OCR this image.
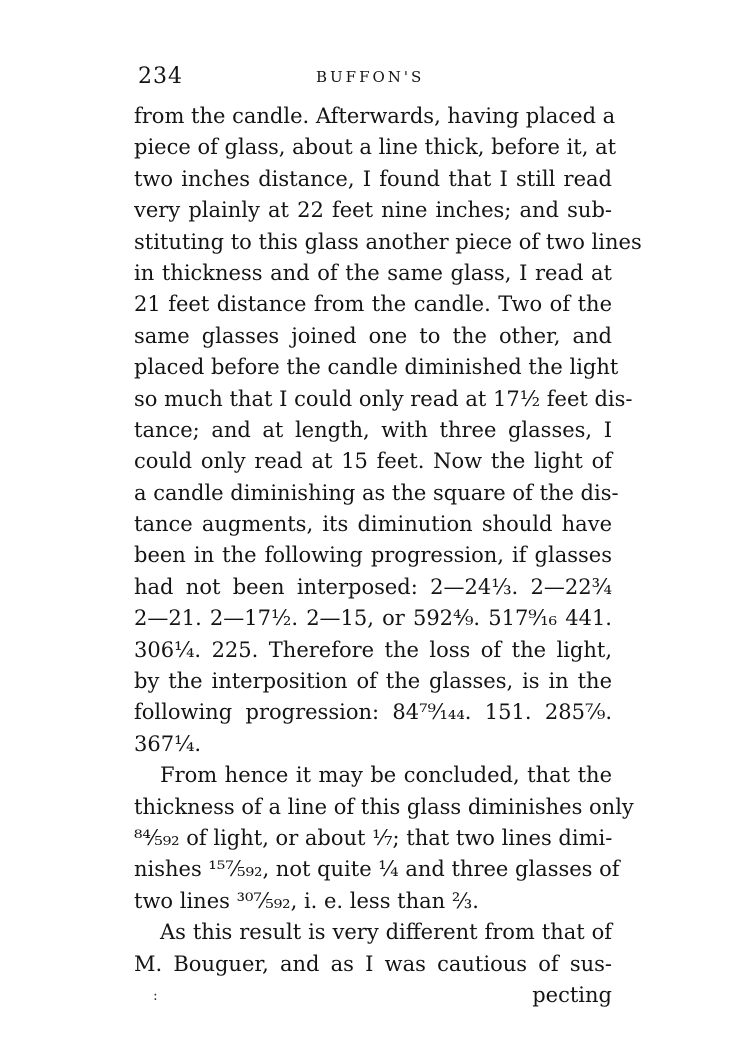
234	BUFFON'S
from the candle. Afterwards, having placed a
piece of glass, about a line thick, before it, at
two inches distance, I found that I still read
very plainly at 22 feet nine inches; and sub-
stituting to this glass another piece of two lines
in thickness and of the same glass, I read at
21 feet distance from the candle. Two of the
same glasses joined one to the other, and
placed before the candle diminished the light
so much that I could only read at 17½ feet dis-
tance; and at length, with three glasses, I
could only read at 15 feet. Now the light of
a candle diminishing as the square of the dis-
tance augments, its diminution should have
been in the following progression, if glasses
had not been interposed: 2—24⅓. 2—22¾
2—21. 2—17½. 2—15, or 592⁴⁄₉. 517⁹⁄₁₆ 441.
306¼. 225. Therefore the loss of the light,
by the interposition of the glasses, is in the
following progression: 84⁷⁹⁄₁₄₄. 151. 285⁷⁄₉.
367¼.
From hence it may be concluded, that the
thickness of a line of this glass diminishes only
⁸⁴⁄₅₉₂ of light, or about ⅐; that two lines dimi-
nishes ¹⁵⁷⁄₅₉₂, not quite ¼ and three glasses of
two lines ³⁰⁷⁄₅₉₂, i. e. less than ⅔.
As this result is very different from that of
M. Bouguer, and as I was cautious of sus-
pecting
:
